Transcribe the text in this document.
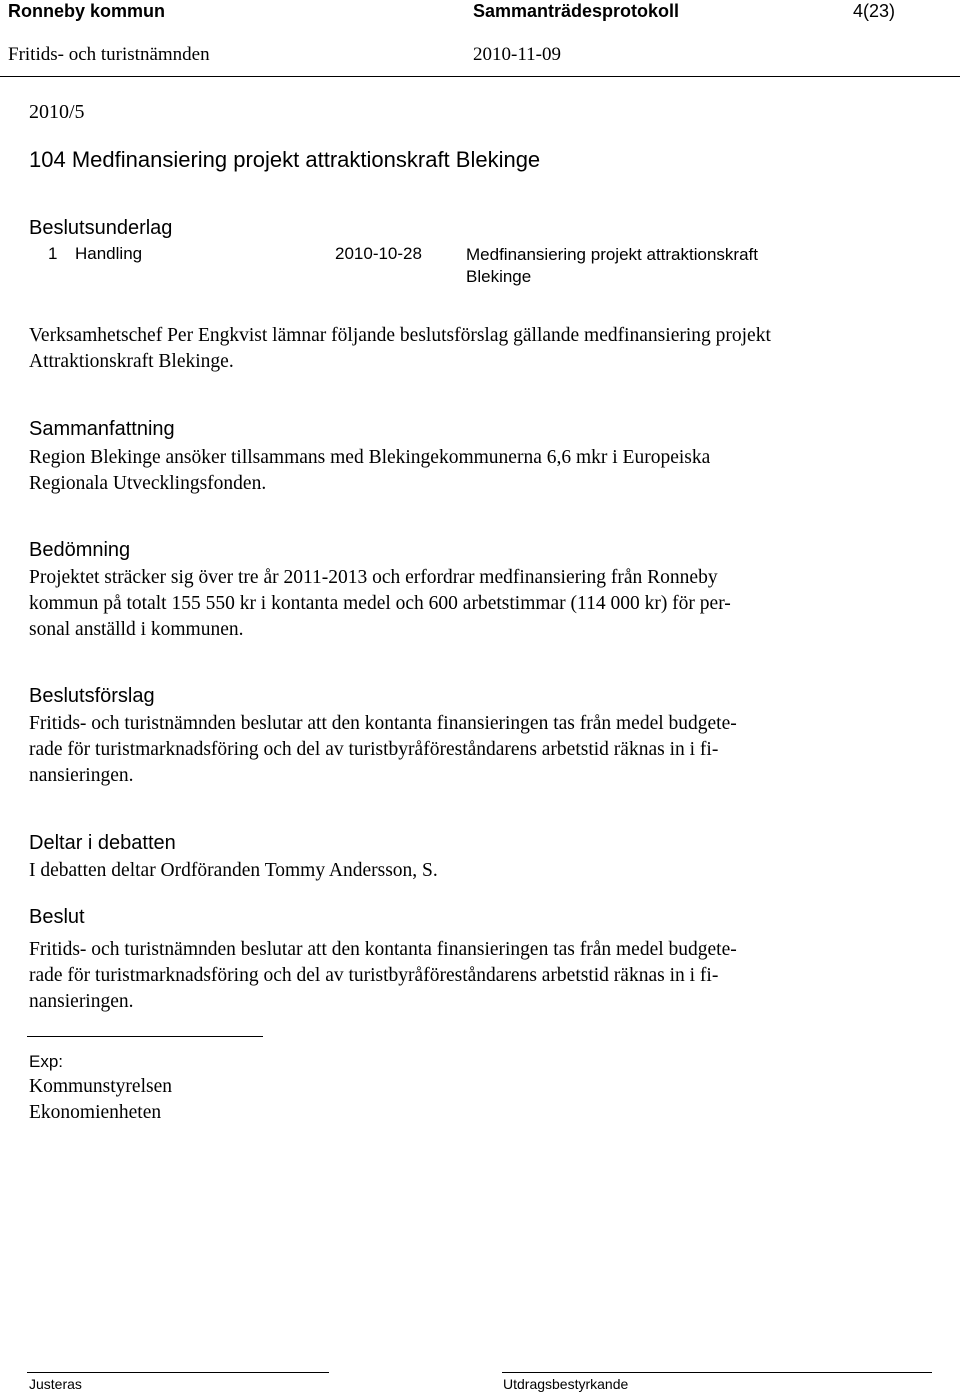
Ronneby kommun	Sammanträdesprotokoll	4(23)
Fritids- och turistnämnden	2010-11-09
2010/5
104 Medfinansiering projekt attraktionskraft Blekinge
Beslutsunderlag
1 Handling	2010-10-28	Medfinansiering projekt attraktionskraft
Blekinge
Verksamhetschef Per Engkvist lämnar följande beslutsförslag gällande medfinansiering projekt
Attraktionskraft Blekinge.
Sammanfattning
Region Blekinge ansöker tillsammans med Blekingekommunerna 6,6 mkr i Europeiska
Regionala Utvecklingsfonden.
Bedömning
Projektet sträcker sig över tre år 2011-2013 och erfordrar medfinansiering från Ronneby
kommun på totalt 155 550 kr i kontanta medel och 600 arbetstimmar (114 000 kr) för per-
sonal anställd i kommunen.
Beslutsförslag
Fritids- och turistnämnden beslutar att den kontanta finansieringen tas från medel budgete-
rade för turistmarknadsföring och del av turistbyråföreståndarens arbetstid räknas in i fi-
nansieringen.
Deltar i debatten
I debatten deltar Ordföranden Tommy Andersson, S.
Beslut
Fritids- och turistnämnden beslutar att den kontanta finansieringen tas från medel budgete-
rade för turistmarknadsföring och del av turistbyråföreståndarens arbetstid räknas in i fi-
nansieringen.
Exp:
Kommunstyrelsen
Ekonomienheten
Justeras	Utdragsbestyrkande
